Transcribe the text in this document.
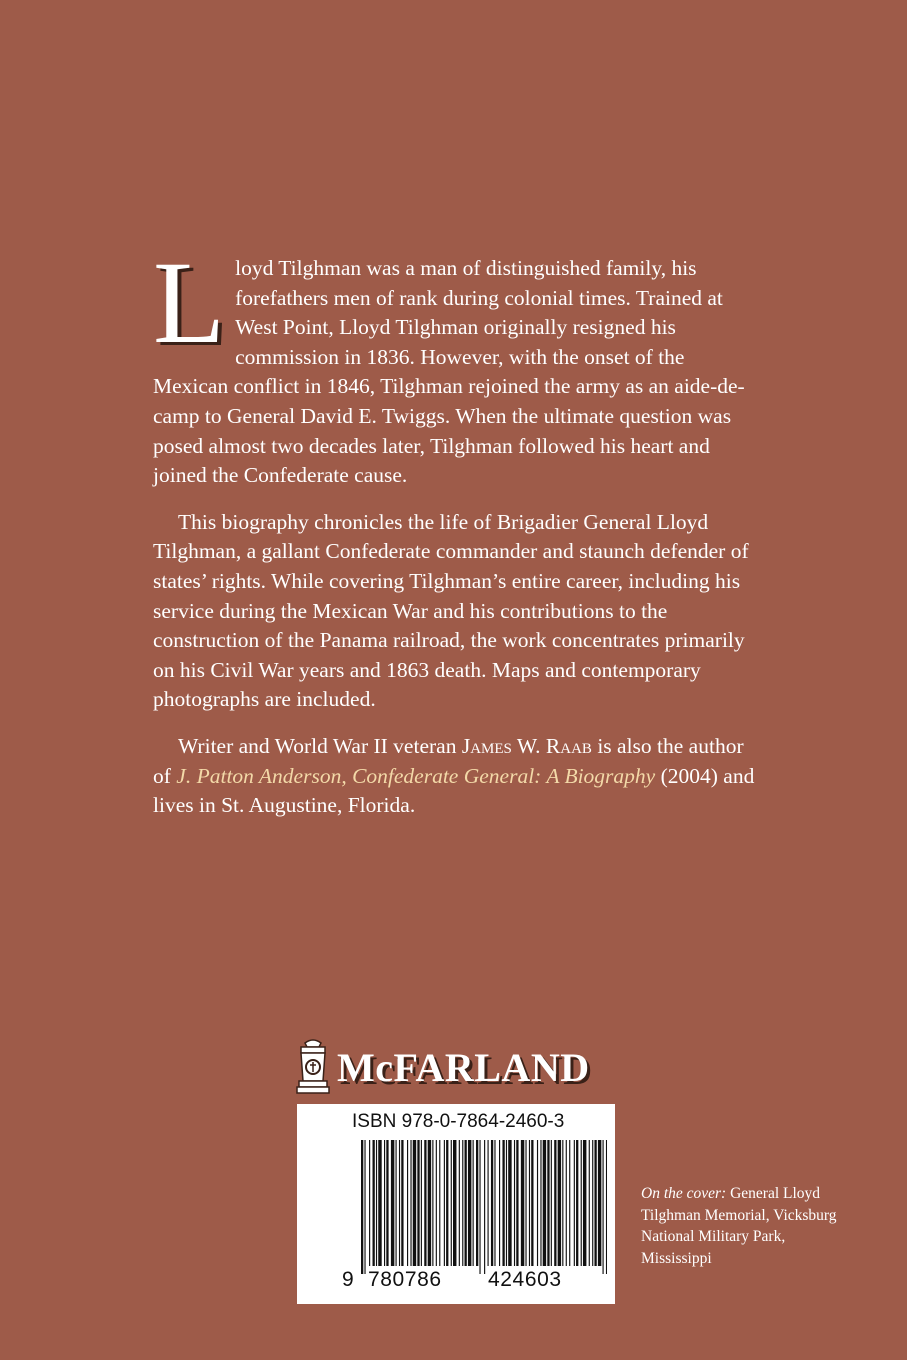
Lloyd Tilghman was a man of distinguished family, his forefathers men of rank during colonial times. Trained at West Point, Lloyd Tilghman originally resigned his commission in 1836. However, with the onset of the Mexican conflict in 1846, Tilghman rejoined the army as an aide-de-camp to General David E. Twiggs. When the ultimate question was posed almost two decades later, Tilghman followed his heart and joined the Confederate cause.

This biography chronicles the life of Brigadier General Lloyd Tilghman, a gallant Confederate commander and staunch defender of states’ rights. While covering Tilghman’s entire career, including his service during the Mexican War and his contributions to the construction of the Panama railroad, the work concentrates primarily on his Civil War years and 1863 death. Maps and contemporary photographs are included.

Writer and World War II veteran James W. Raab is also the author of J. Patton Anderson, Confederate General: A Biography (2004) and lives in St. Augustine, Florida.

McFARLAND
ISBN 978-0-7864-2460-3
9 780786 424603
On the cover: General Lloyd Tilghman Memorial, Vicksburg National Military Park, Mississippi
